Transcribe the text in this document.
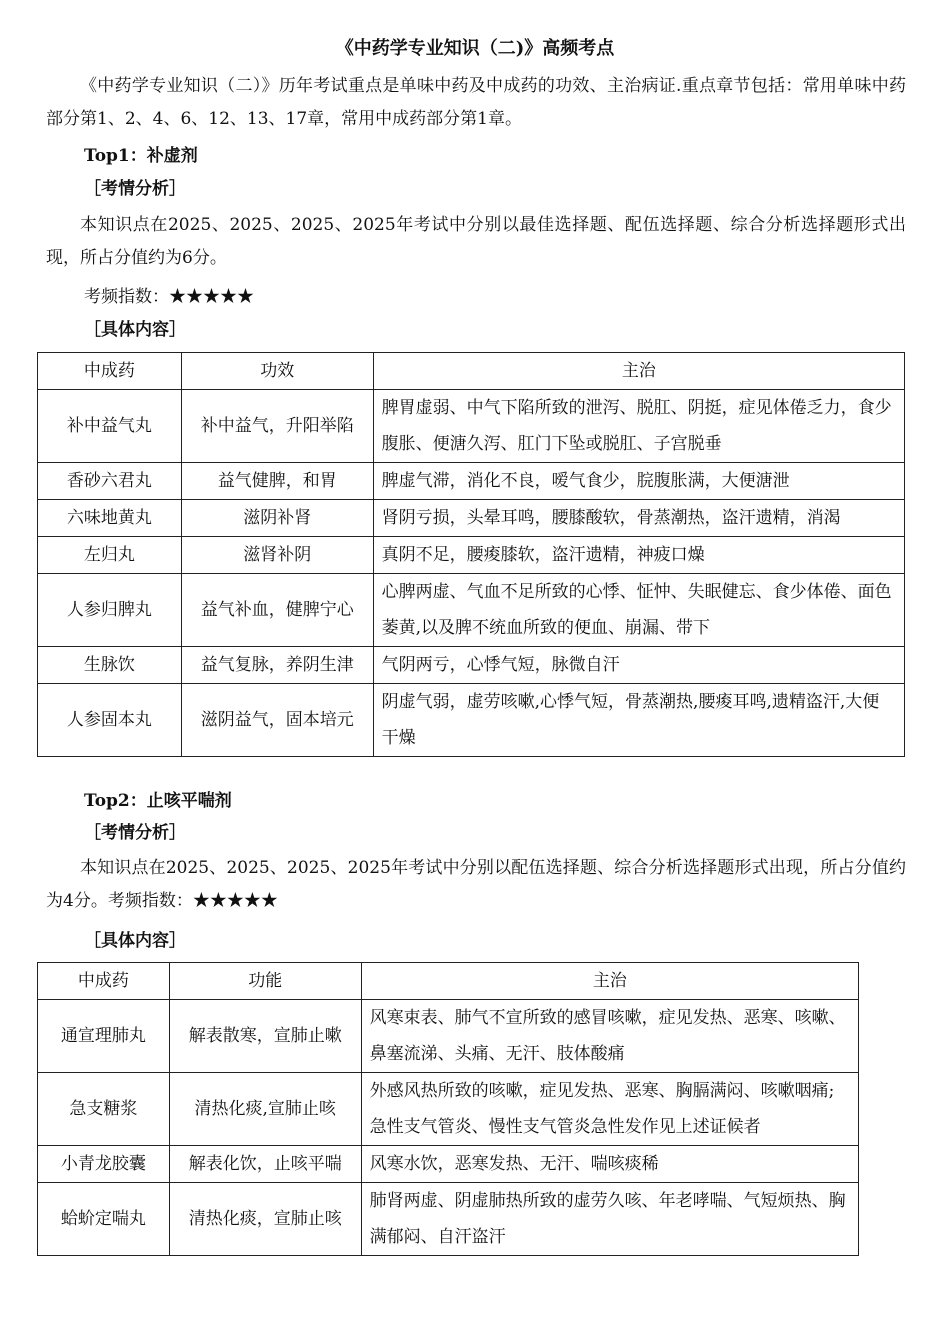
《中药学专业知识（二)》高频考点

《中药学专业知识（二）》历年考试重点是单味中药及中成药的功效、主治病证.重点章节包括：常用单味中药部分第1、2、4、6、12、13、17章，常用中成药部分第1章。

Top1：补虚剂
［考情分析］

本知识点在2025、2025、2025、2025年考试中分别以最佳选择题、配伍选择题、综合分析选择题形式出现，所占分值约为6分。

考频指数：★★★★★
［具体内容］
中成药	功效	主治
补中益气丸	补中益气，升阳举陷	脾胃虚弱、中气下陷所致的泄泻、脱肛、阴挺，症见体倦乏力，食少腹胀、便溏久泻、肛门下坠或脱肛、子宫脱垂
香砂六君丸	益气健脾，和胃	脾虚气滞，消化不良，嗳气食少，脘腹胀满，大便溏泄
六味地黄丸	滋阴补肾	肾阴亏损，头晕耳鸣，腰膝酸软，骨蒸潮热，盗汗遗精，消渴
左归丸	滋肾补阴	真阴不足，腰痠膝软，盗汗遗精，神疲口燥
人参归脾丸	益气补血，健脾宁心	心脾两虚、气血不足所致的心悸、怔忡、失眠健忘、食少体倦、面色萎黄,以及脾不统血所致的便血、崩漏、带下
生脉饮	益气复脉，养阴生津	气阴两亏，心悸气短，脉微自汗
人参固本丸	滋阴益气，固本培元	阴虚气弱，虚劳咳嗽,心悸气短，骨蒸潮热,腰痠耳鸣,遗精盗汗,大便干燥
Top2：止咳平喘剂
［考情分析］

本知识点在2025、2025、2025、2025年考试中分别以配伍选择题、综合分析选择题形式出现，所占分值约为4分。考频指数：★★★★★

［具体内容］
中成药	功能	主治
通宣理肺丸	解表散寒，宣肺止嗽	风寒束表、肺气不宣所致的感冒咳嗽，症见发热、恶寒、咳嗽、鼻塞流涕、头痛、无汗、肢体酸痛
急支糖浆	清热化痰,宣肺止咳	外感风热所致的咳嗽，症见发热、恶寒、胸膈满闷、咳嗽咽痛;急性支气管炎、慢性支气管炎急性发作见上述证候者
小青龙胶囊	解表化饮，止咳平喘	风寒水饮，恶寒发热、无汗、喘咳痰稀
蛤蚧定喘丸	清热化痰，宣肺止咳	肺肾两虚、阴虚肺热所致的虚劳久咳、年老哮喘、气短烦热、胸满郁闷、自汗盗汗
